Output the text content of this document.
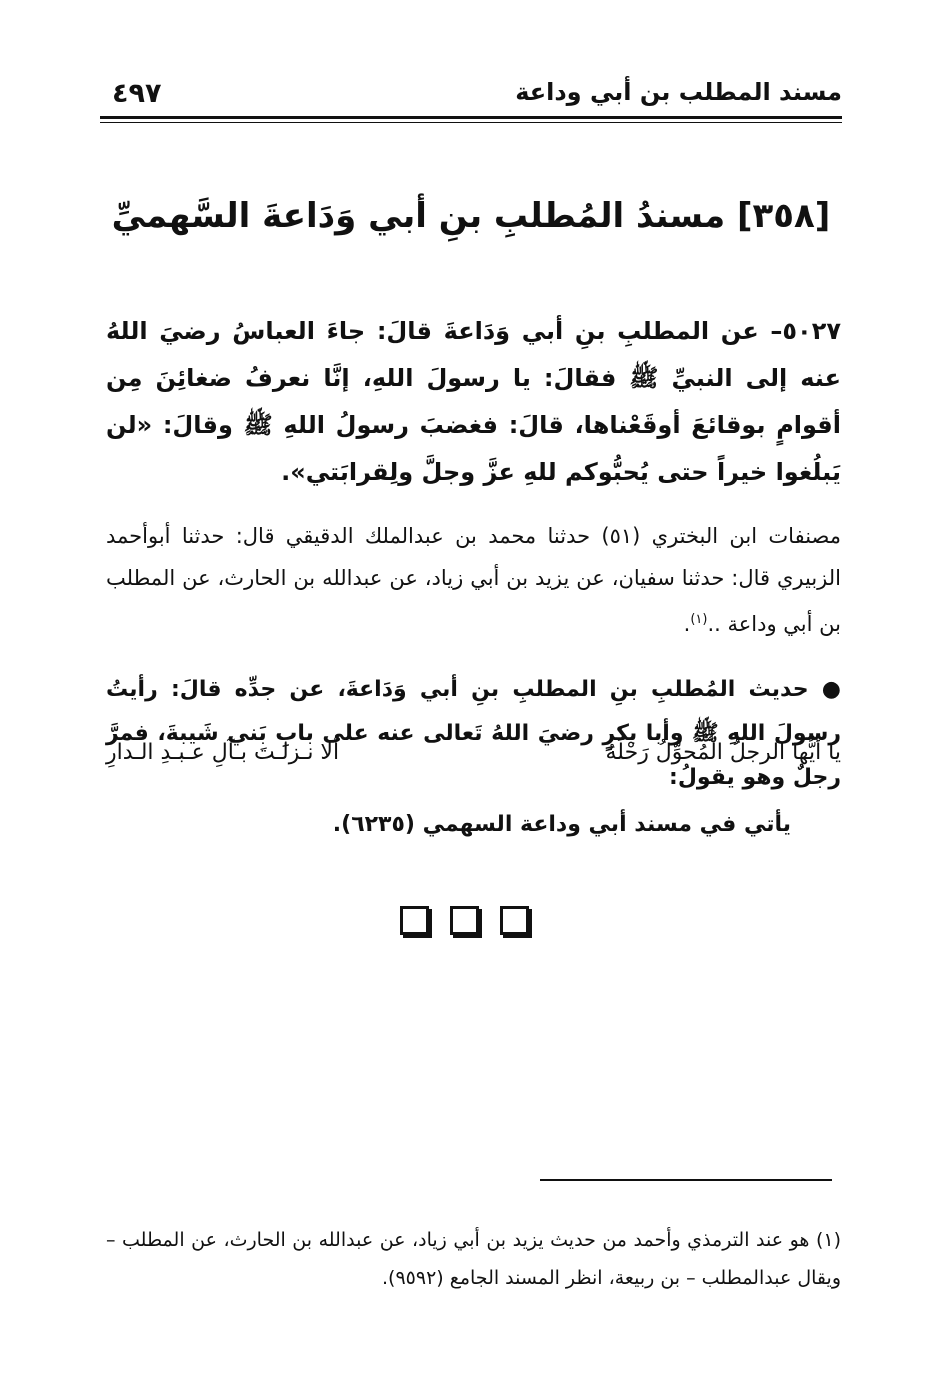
٤٩٧	مسند المطلب بن أبي وداعة
[٣٥٨] مسندُ المُطلبِ بنِ أبي وَدَاعةَ السَّهميِّ

٥٠٢٧– عن المطلبِ بنِ أبي وَدَاعةَ قالَ: جاءَ العباسُ رضيَ اللهُ عنه إلى النبيِّ ﷺ فقالَ: يا رسولَ اللهِ، إنَّا نعرفُ ضغائِنَ مِن أقوامٍ بوقائعَ أوقَعْناها، قالَ: فغضبَ رسولُ اللهِ ﷺ وقالَ: «لن يَبلُغوا خيراً حتى يُحبُّوكم للهِ عزَّ وجلَّ ولِقرابَتي».

مصنفات ابن البختري (٥١) حدثنا محمد بن عبدالملك الدقيقي قال: حدثنا أبوأحمد الزبيري قال: حدثنا سفيان، عن يزيد بن أبي زياد، عن عبدالله بن الحارث، عن المطلب بن أبي وداعة ..$^{(١)}$.

● حديث المُطلبِ بنِ المطلبِ بنِ أبي وَدَاعةَ، عن جدِّه قالَ: رأيتُ رسولَ اللهِ ﷺ وأبا بكرٍ رضيَ اللهُ تَعالى عنه على بابِ بَني شَيبةَ، فمرَّ رجلٌ وهو يقولُ:

يا أيُّها الرجلُ المُحوِّلُ رَحْلَهُ
ألا نـزلـتَ بـآلِ عـبـدِ الـدارِ
يأتي في مسند أبي وداعة السهمي (٦٢٣٥).

(١) هو عند الترمذي وأحمد من حديث يزيد بن أبي زياد، عن عبدالله بن الحارث، عن المطلب – ويقال عبدالمطلب – بن ربيعة، انظر المسند الجامع (٩٥٩٢).
